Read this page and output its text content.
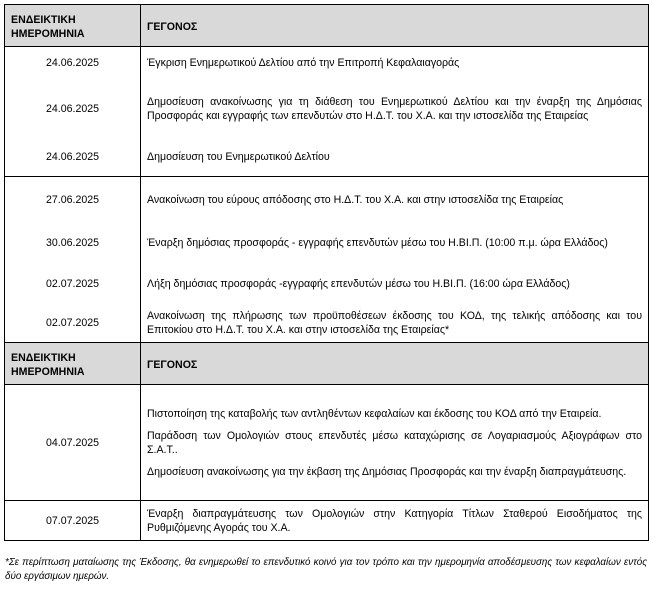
ΕΝΔΕΙΚΤΙΚΗ ΗΜΕΡΟΜΗΝΙΑ	ΓΕΓΟΝΟΣ
24.06.2025	Έγκριση Ενημερωτικού Δελτίου από την Επιτροπή Κεφαλαιαγοράς
24.06.2025	Δημοσίευση ανακοίνωσης για τη διάθεση του Ενημερωτικού Δελτίου και την έναρξη της Δημόσιας Προσφοράς και εγγραφής των επενδυτών στο Η.Δ.Τ. του Χ.Α. και την ιστοσελίδα της Εταιρείας
24.06.2025	Δημοσίευση του Ενημερωτικού Δελτίου
27.06.2025	Ανακοίνωση του εύρους απόδοσης στο Η.Δ.Τ. του Χ.Α. και στην ιστοσελίδα της Εταιρείας
30.06.2025	Έναρξη δημόσιας προσφοράς - εγγραφής επενδυτών μέσω του Η.ΒΙ.Π. (10:00 π.μ. ώρα Ελλάδος)
02.07.2025	Λήξη δημόσιας προσφοράς -εγγραφής επενδυτών μέσω του Η.ΒΙ.Π. (16:00 ώρα Ελλάδος)
02.07.2025	Ανακοίνωση της πλήρωσης των προϋποθέσεων έκδοσης του ΚΟΔ, της τελικής απόδοσης και του Επιτοκίου στο Η.Δ.Τ. του Χ.Α. και στην ιστοσελίδα της Εταιρείας*
ΕΝΔΕΙΚΤΙΚΗ ΗΜΕΡΟΜΗΝΙΑ	ΓΕΓΟΝΟΣ
04.07.2025	Πιστοποίηση της καταβολής των αντληθέντων κεφαλαίων και έκδοσης του ΚΟΔ από την Εταιρεία.

Παράδοση των Ομολογιών στους επενδυτές μέσω καταχώρισης σε Λογαριασμούς Αξιογράφων στο Σ.Α.Τ..

Δημοσίευση ανακοίνωσης για την έκβαση της Δημόσιας Προσφοράς και την έναρξη διαπραγμάτευσης.

07.07.2025	Έναρξη διαπραγμάτευσης των Ομολογιών στην Κατηγορία Τίτλων Σταθερού Εισοδήματος της Ρυθμιζόμενης Αγοράς του Χ.Α.
*Σε περίπτωση ματαίωσης της Έκδοσης, θα ενημερωθεί το επενδυτικό κοινό για τον τρόπο και την ημερομηνία αποδέσμευσης των κεφαλαίων εντός δύο εργάσιμων ημερών.
